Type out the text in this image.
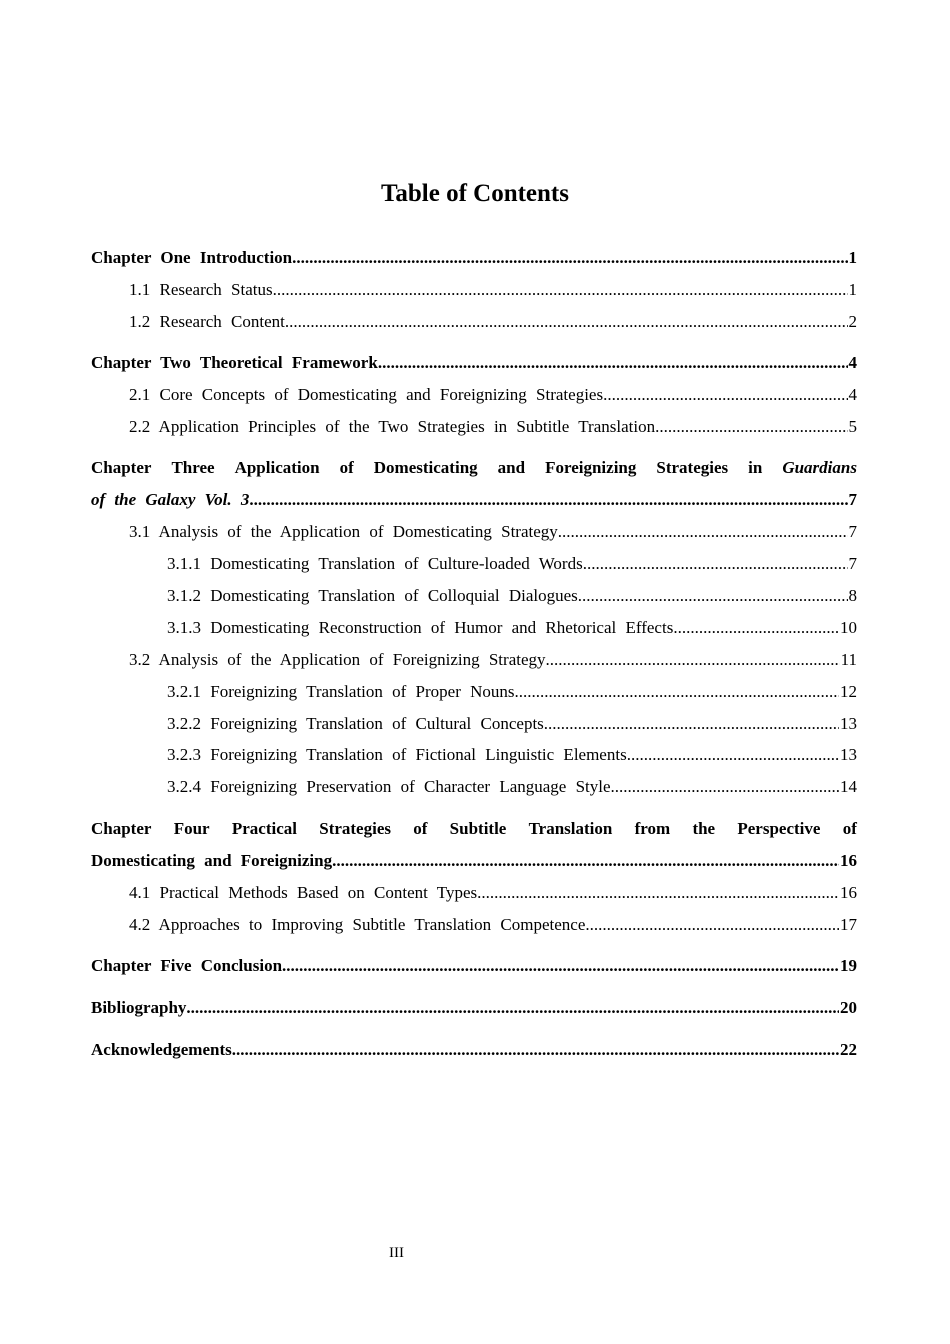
Table of Contents
Chapter One Introduction .....	1
1.1 Research Status .....	1
1.2 Research Content .....	2
Chapter Two Theoretical Framework .....	4
2.1 Core Concepts of Domesticating and Foreignizing Strategies .....	4
2.2 Application Principles of the Two Strategies in Subtitle Translation .....	5
Chapter Three Application of Domesticating and Foreignizing Strategies in Guardians
of the Galaxy Vol. 3 .....	7
3.1 Analysis of the Application of Domesticating Strategy .....	7
3.1.1 Domesticating Translation of Culture-loaded Words .....	7
3.1.2 Domesticating Translation of Colloquial Dialogues .....	8
3.1.3 Domesticating Reconstruction of Humor and Rhetorical Effects .....	10
3.2 Analysis of the Application of Foreignizing Strategy .....	11
3.2.1 Foreignizing Translation of Proper Nouns .....	12
3.2.2 Foreignizing Translation of Cultural Concepts .....	13
3.2.3 Foreignizing Translation of Fictional Linguistic Elements .....	13
3.2.4 Foreignizing Preservation of Character Language Style .....	14
Chapter Four Practical Strategies of Subtitle Translation from the Perspective of
Domesticating and Foreignizing .....	16
4.1 Practical Methods Based on Content Types .....	16
4.2 Approaches to Improving Subtitle Translation Competence .....	17
Chapter Five Conclusion .....	19
Bibliography .....	20
Acknowledgements .....	22
III
